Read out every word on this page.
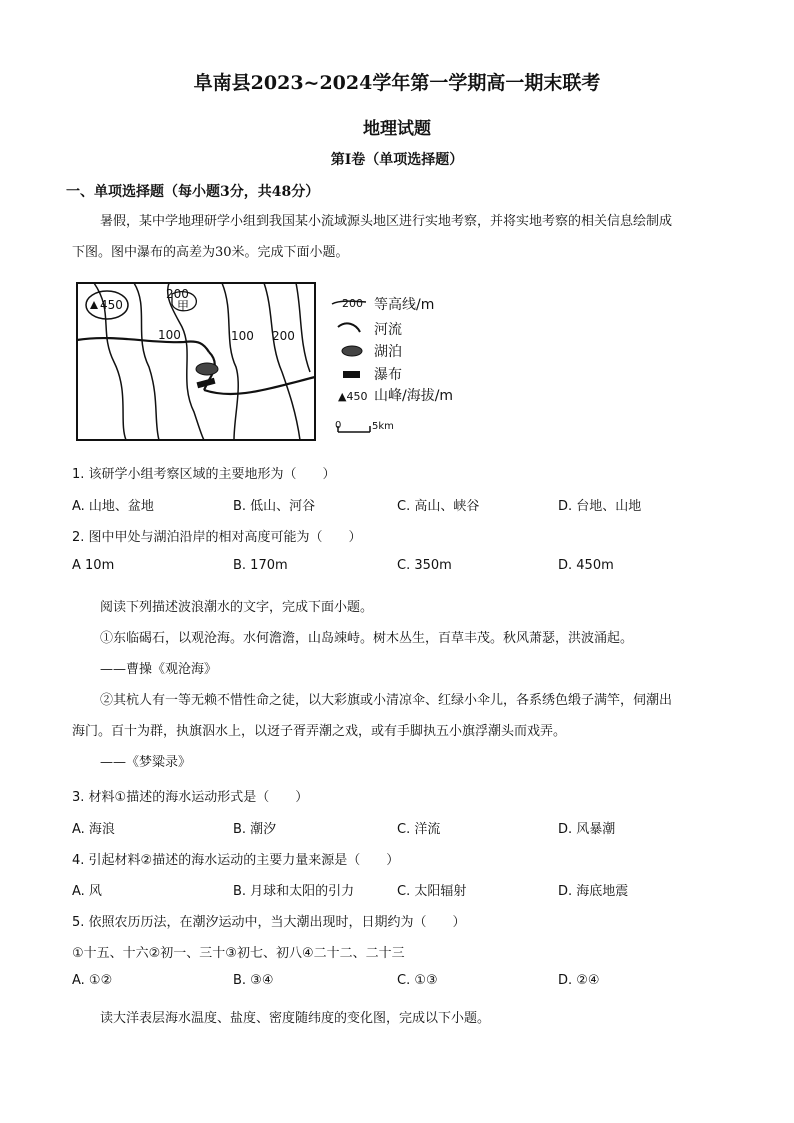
阜南县2023~2024学年第一学期高一期末联考
地理试题
第Ⅰ卷（单项选择题）
一、单项选择题（每小题3分，共48分）
暑假，某中学地理研学小组到我国某小流域源头地区进行实地考察，并将实地考察的相关信息绘制成
下图。图中瀑布的高差为30米。完成下面小题。
450
200
甲
100	100 200
200 等高线/m
河流
湖泊
瀑布
▲450 山峰/海拔/m
0	5km
1. 该研学小组考察区域的主要地形为（　　）
A. 山地、盆地	B. 低山、河谷	C. 高山、峡谷	D. 台地、山地
2. 图中甲处与湖泊沿岸的相对高度可能为（　　）
A 10m	B. 170m	C. 350m	D. 450m
阅读下列描述波浪潮水的文字，完成下面小题。
①东临碣石，以观沧海。水何澹澹，山岛竦峙。树木丛生，百草丰茂。秋风萧瑟，洪波涌起。
——曹操《观沧海》
②其杭人有一等无赖不惜性命之徒，以大彩旗或小清凉伞、红绿小伞儿，各系绣色缎子满竿，伺潮出
海门。百十为群，执旗泅水上，以迓子胥弄潮之戏，或有手脚执五小旗浮潮头而戏弄。
——《梦粱录》
3. 材料①描述的海水运动形式是（　　）
A. 海浪	B. 潮汐	C. 洋流	D. 风暴潮
4. 引起材料②描述的海水运动的主要力量来源是（　　）
A. 风	B. 月球和太阳的引力	C. 太阳辐射	D. 海底地震
5. 依照农历历法，在潮汐运动中，当大潮出现时，日期约为（　　）
①十五、十六②初一、三十③初七、初八④二十二、二十三
A. ①②	B. ③④	C. ①③	D. ②④
读大洋表层海水温度、盐度、密度随纬度的变化图，完成以下小题。
